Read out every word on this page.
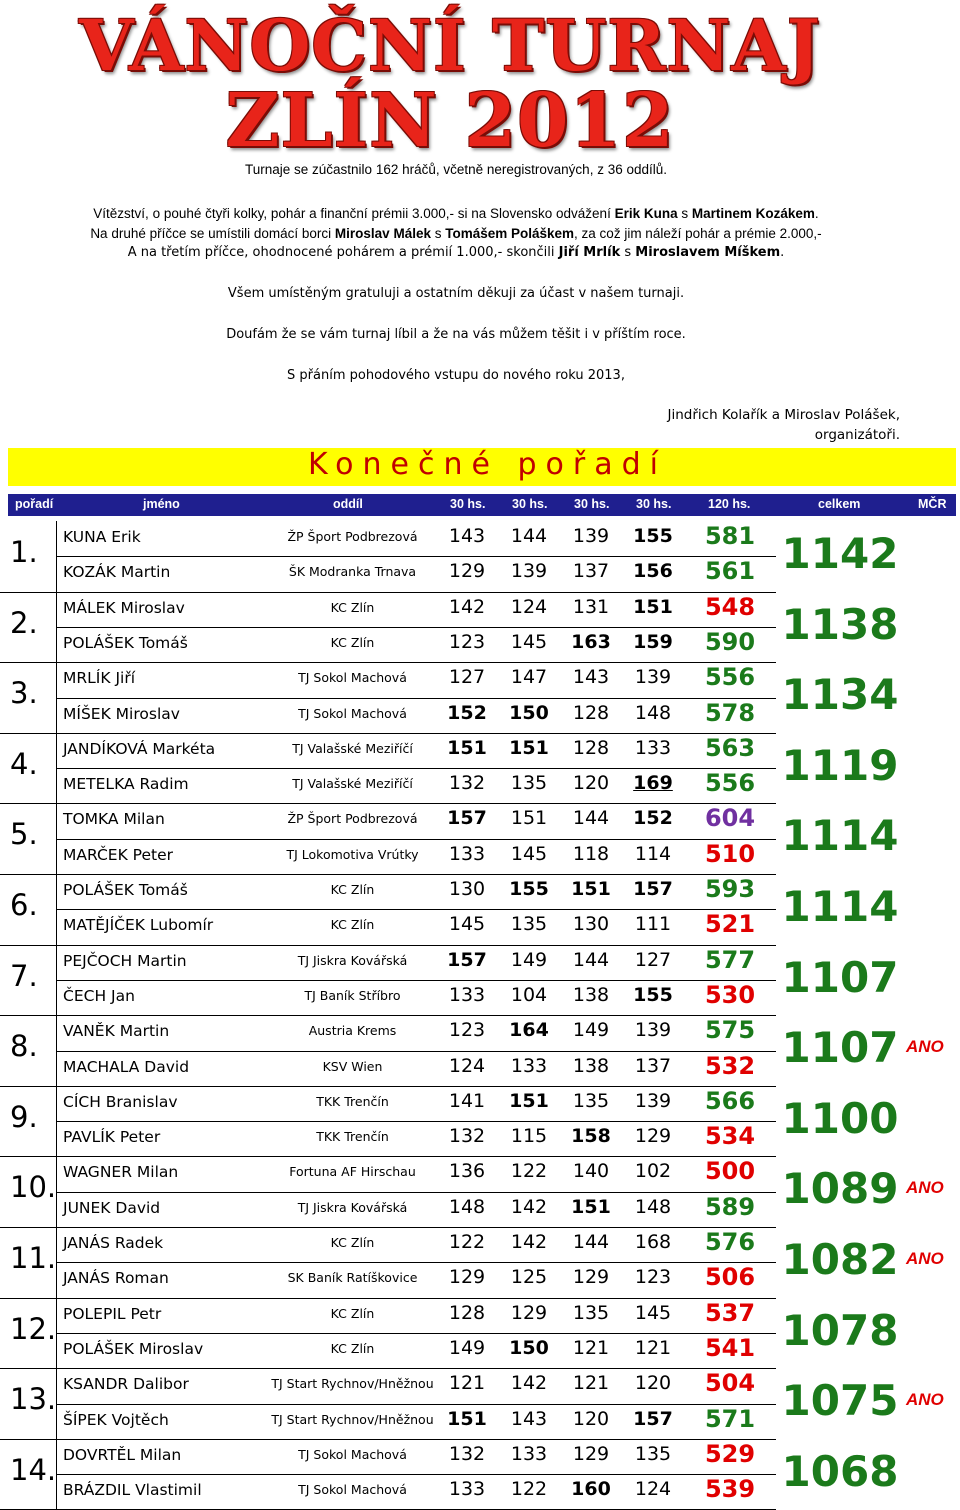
VÁNOČNÍ TURNAJ
ZLÍN 2012
Turnaje se zúčastnilo 162 hráčů, včetně neregistrovaných, z 36 oddílů.
Vítězství, o pouhé čtyři kolky, pohár a finanční prémii 3.000,- si na Slovensko odvážení Erik Kuna s Martinem Kozákem.
Na druhé příčce se umístili domácí borci Miroslav Málek s Tomášem Poláškem, za což jim náleží pohár a prémie 2.000,-
A na třetím příčce, ohodnocené pohárem a prémií 1.000,- skončili Jiří Mrlík s Miroslavem Míškem.
Všem umístěným gratuluji a ostatním děkuji za účast v našem turnaji.
Doufám že se vám turnaj líbil a že na vás můžem těšit i v příštím roce.
S přáním pohodového vstupu do nového roku 2013,
Jindřich Kolařík a Miroslav Polášek,
organizátoři.
Konečné pořadí
pořadí	jméno	oddíl	30 hs. 30 hs. 30 hs. 30 hs.	120 hs.	celkem	MČR
1.	1142
KUNA Erik	ŽP Šport Podbrezová	143	144	139	155	581
KOZÁK Martin	ŠK Modranka Trnava	129	139	137	156	561
2.	1138
MÁLEK Miroslav	KC Zlín	142	124	131	151	548
POLÁŠEK Tomáš	KC Zlín	123	145	163	159	590
3.	1134
MRLÍK Jiří	TJ Sokol Machová	127	147	143	139	556
MÍŠEK Miroslav	TJ Sokol Machová	152	150	128	148	578
4.	1119
JANDÍKOVÁ Markéta	TJ Valašské Meziříčí	151	151	128	133	563
METELKA Radim	TJ Valašské Meziříčí	132	135	120	169	556
5.	1114
TOMKA Milan	ŽP Šport Podbrezová	157	151	144	152	604
MARČEK Peter	TJ Lokomotiva Vrútky	133	145	118	114	510
6.	1114
POLÁŠEK Tomáš	KC Zlín	130	155	151	157	593
MATĚJÍČEK Lubomír	KC Zlín	145	135	130	111	521
7.	1107
PEJČOCH Martin	TJ Jiskra Kovářská	157	149	144	127	577
ČECH Jan	TJ Baník Stříbro	133	104	138	155	530
8.	1107 ANO
VANĚK Martin	Austria Krems	123	164	149	139	575
MACHALA David	KSV Wien	124	133	138	137	532
9.	1100
CÍCH Branislav	TKK Trenčín	141	151	135	139	566
PAVLÍK Peter	TKK Trenčín	132	115	158	129	534
10.	1089 ANO
WAGNER Milan	Fortuna AF Hirschau	136	122	140	102	500
JUNEK David	TJ Jiskra Kovářská	148	142	151	148	589
11.	1082 ANO
JANÁS Radek	KC Zlín	122	142	144	168	576
JANÁS Roman	SK Baník Ratíškovice	129	125	129	123	506
12.	1078
POLEPIL Petr	KC Zlín	128	129	135	145	537
POLÁŠEK Miroslav	KC Zlín	149	150	121	121	541
13.	1075 ANO
KSANDR Dalibor	TJ Start Rychnov/Hněžnou 121	142	121	120	504
ŠÍPEK Vojtěch	TJ Start Rychnov/Hněžnou 151	143	120	157	571
14.	1068
DOVRTĚL Milan	TJ Sokol Machová	132	133	129	135	529
BRÁZDIL Vlastimil	TJ Sokol Machová	133	122	160	124	539
